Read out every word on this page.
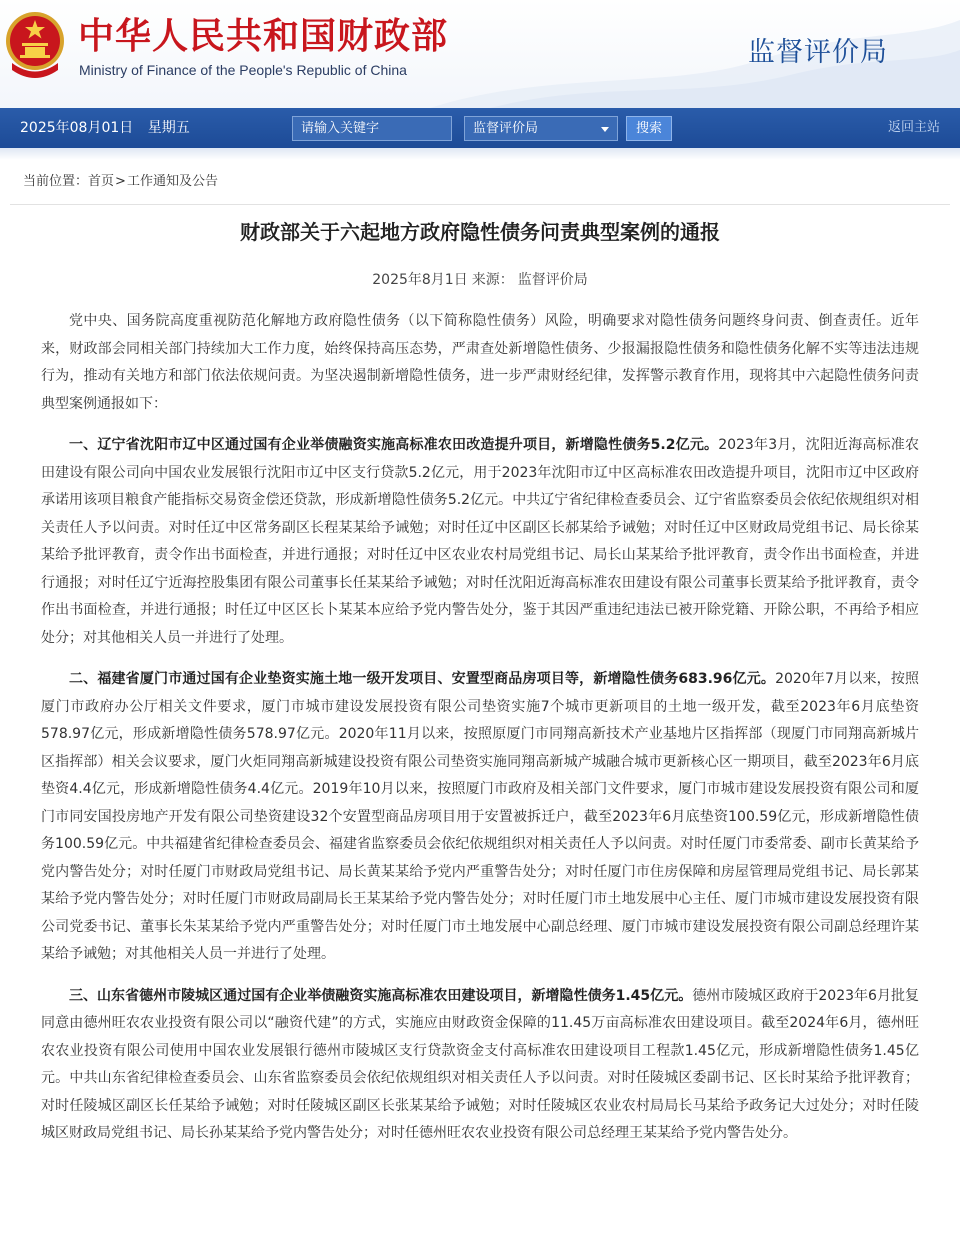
中华人民共和国财政部
Ministry of Finance of the People's Republic of China
监督评价局
2025年08月01日 星期五	请输入关键字	监督评价局	搜索	返回主站
当前位置：首页>工作通知及公告
财政部关于六起地方政府隐性债务问责典型案例的通报
2025年8月1日 来源： 监督评价局

党中央、国务院高度重视防范化解地方政府隐性债务（以下简称隐性债务）风险，明确要求对隐性债务问题终身问责、倒查责任。近年来，财政部会同相关部门持续加大工作力度，始终保持高压态势，严肃查处新增隐性债务、少报漏报隐性债务和隐性债务化解不实等违法违规行为，推动有关地方和部门依法依规问责。为坚决遏制新增隐性债务，进一步严肃财经纪律，发挥警示教育作用，现将其中六起隐性债务问责典型案例通报如下：

一、辽宁省沈阳市辽中区通过国有企业举债融资实施高标准农田改造提升项目，新增隐性债务5.2亿元。2023年3月，沈阳近海高标准农田建设有限公司向中国农业发展银行沈阳市辽中区支行贷款5.2亿元，用于2023年沈阳市辽中区高标准农田改造提升项目，沈阳市辽中区政府承诺用该项目粮食产能指标交易资金偿还贷款，形成新增隐性债务5.2亿元。中共辽宁省纪律检查委员会、辽宁省监察委员会依纪依规组织对相关责任人予以问责。对时任辽中区常务副区长程某某给予诫勉；对时任辽中区副区长郝某给予诫勉；对时任辽中区财政局党组书记、局长徐某某给予批评教育，责令作出书面检查，并进行通报；对时任辽中区农业农村局党组书记、局长山某某给予批评教育，责令作出书面检查，并进行通报；对时任辽宁近海控股集团有限公司董事长任某某给予诫勉；对时任沈阳近海高标准农田建设有限公司董事长贾某给予批评教育，责令作出书面检查，并进行通报；时任辽中区区长卜某某本应给予党内警告处分，鉴于其因严重违纪违法已被开除党籍、开除公职，不再给予相应处分；对其他相关人员一并进行了处理。

二、福建省厦门市通过国有企业垫资实施土地一级开发项目、安置型商品房项目等，新增隐性债务683.96亿元。2020年7月以来，按照厦门市政府办公厅相关文件要求，厦门市城市建设发展投资有限公司垫资实施7个城市更新项目的土地一级开发，截至2023年6月底垫资578.97亿元，形成新增隐性债务578.97亿元。2020年11月以来，按照原厦门市同翔高新技术产业基地片区指挥部（现厦门市同翔高新城片区指挥部）相关会议要求，厦门火炬同翔高新城建设投资有限公司垫资实施同翔高新城产城融合城市更新核心区一期项目，截至2023年6月底垫资4.4亿元，形成新增隐性债务4.4亿元。2019年10月以来，按照厦门市政府及相关部门文件要求，厦门市城市建设发展投资有限公司和厦门市同安国投房地产开发有限公司垫资建设32个安置型商品房项目用于安置被拆迁户，截至2023年6月底垫资100.59亿元，形成新增隐性债务100.59亿元。中共福建省纪律检查委员会、福建省监察委员会依纪依规组织对相关责任人予以问责。对时任厦门市委常委、副市长黄某给予党内警告处分；对时任厦门市财政局党组书记、局长黄某某给予党内严重警告处分；对时任厦门市住房保障和房屋管理局党组书记、局长郭某某给予党内警告处分；对时任厦门市财政局副局长王某某给予党内警告处分；对时任厦门市土地发展中心主任、厦门市城市建设发展投资有限公司党委书记、董事长朱某某给予党内严重警告处分；对时任厦门市土地发展中心副总经理、厦门市城市建设发展投资有限公司副总经理许某某给予诫勉；对其他相关人员一并进行了处理。

三、山东省德州市陵城区通过国有企业举债融资实施高标准农田建设项目，新增隐性债务1.45亿元。德州市陵城区政府于2023年6月批复同意由德州旺农农业投资有限公司以“融资代建”的方式，实施应由财政资金保障的11.45万亩高标准农田建设项目。截至2024年6月，德州旺农农业投资有限公司使用中国农业发展银行德州市陵城区支行贷款资金支付高标准农田建设项目工程款1.45亿元，形成新增隐性债务1.45亿元。中共山东省纪律检查委员会、山东省监察委员会依纪依规组织对相关责任人予以问责。对时任陵城区委副书记、区长时某给予批评教育；对时任陵城区副区长任某给予诫勉；对时任陵城区副区长张某某给予诫勉；对时任陵城区农业农村局局长马某给予政务记大过处分；对时任陵城区财政局党组书记、局长孙某某给予党内警告处分；对时任德州旺农农业投资有限公司总经理王某某给予党内警告处分。
